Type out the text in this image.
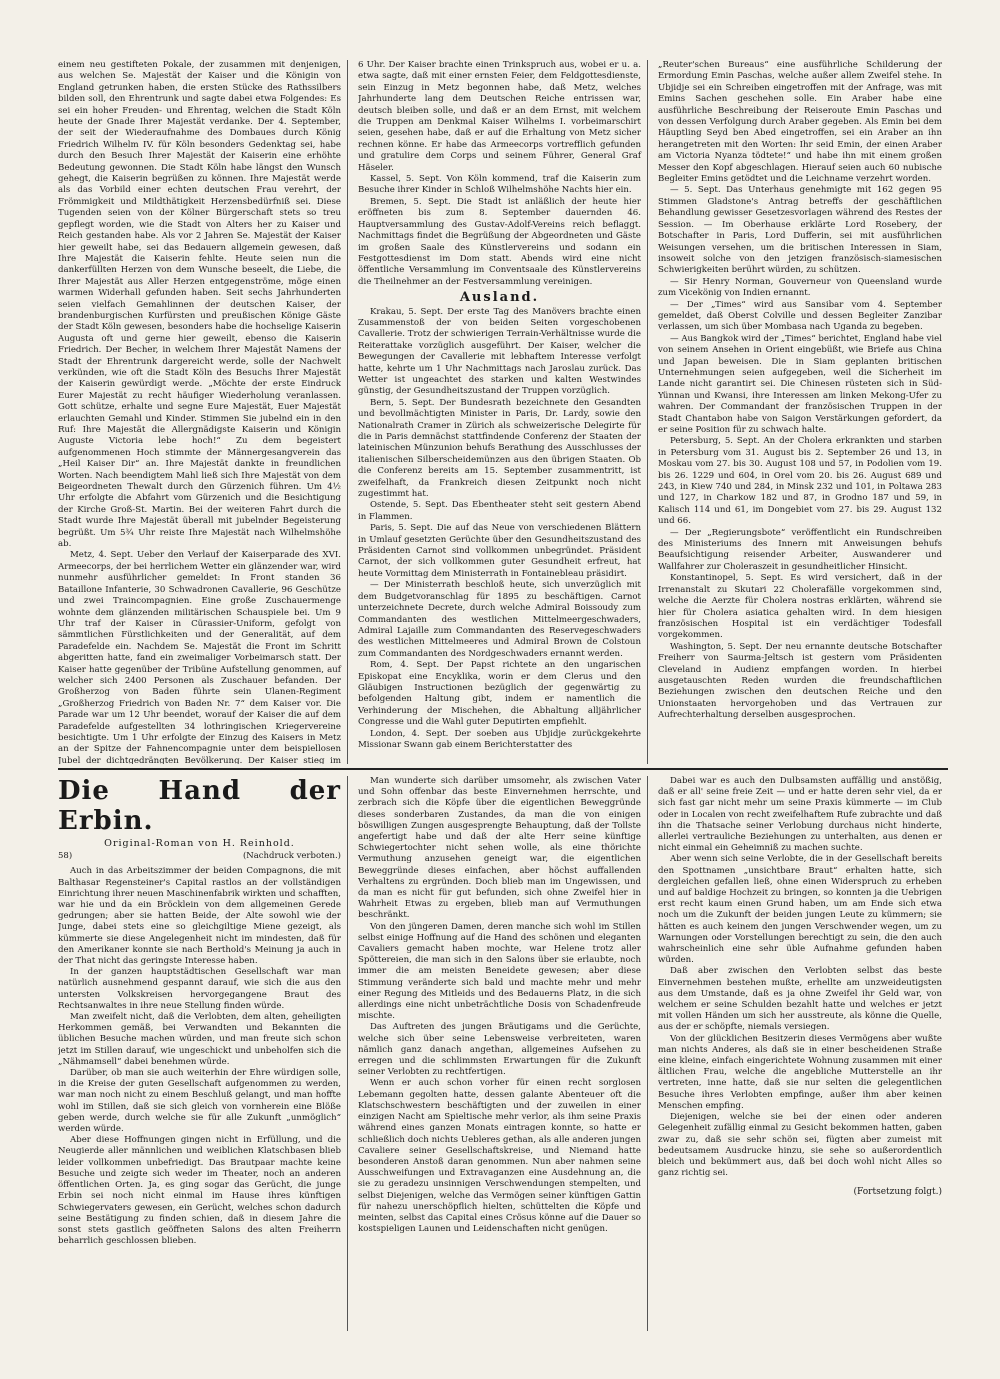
einem neu gestifteten Pokale, der zusammen mit denjenigen, aus welchen Se. Majestät der Kaiser und die Königin von England getrunken haben, die ersten Stücke des Rathssilbers bilden soll, den Ehrentrunk und sagte dabei etwa Folgendes: Es sei ein hoher Freuden- und Ehrentag, welchen die Stadt Köln heute der Gnade Ihrer Majestät verdanke. Der 4. September, der seit der Wiederaufnahme des Dombaues durch König Friedrich Wilhelm IV. für Köln besonders Gedenktag sei, habe durch den Besuch Ihrer Majestät der Kaiserin eine erhöhte Bedeutung gewonnen. Die Stadt Köln habe längst den Wunsch gehegt, die Kaiserin begrüßen zu können. Ihre Majestät werde als das Vorbild einer echten deutschen Frau verehrt, der Frömmigkeit und Mildthätigkeit Herzensbedürfniß sei. Diese Tugenden seien von der Kölner Bürgerschaft stets so treu gepflegt worden, wie die Stadt von Alters her zu Kaiser und Reich gestanden habe. Als vor 2 Jahren Se. Majestät der Kaiser hier geweilt habe, sei das Bedauern allgemein gewesen, daß Ihre Majestät die Kaiserin fehlte. Heute seien nun die dankerfüllten Herzen von dem Wunsche beseelt, die Liebe, die Ihrer Majestät aus Aller Herzen entgegenströme, möge einen warmen Widerhall gefunden haben. Seit sechs Jahrhunderten seien vielfach Gemahlinnen der deutschen Kaiser, der brandenburgischen Kurfürsten und preußischen Könige Gäste der Stadt Köln gewesen, besonders habe die hochselige Kaiserin Augusta oft und gerne hier geweilt, ebenso die Kaiserin Friedrich. Der Becher, in welchem Ihrer Majestät Namens der Stadt der Ehrentrunk dargereicht werde, solle der Nachwelt verkünden, wie oft die Stadt Köln des Besuchs Ihrer Majestät der Kaiserin gewürdigt werde. „Möchte der erste Eindruck Eurer Majestät zu recht häufiger Wiederholung veranlassen. Gott schütze, erhalte und segne Eure Majestät, Euer Majestät erlauchten Gemahl und Kinder. Stimmen Sie jubelnd ein in den Ruf: Ihre Majestät die Allergnädigste Kaiserin und Königin Auguste Victoria lebe hoch!“ Zu dem begeistert aufgenommenen Hoch stimmte der Männergesangverein das „Heil Kaiser Dir“ an. Ihre Majestät dankte in freundlichen Worten. Nach beendigtem Mahl ließ sich Ihre Majestät von dem Beigeordneten Thewalt durch den Gürzenich führen. Um 4½ Uhr erfolgte die Abfahrt vom Gürzenich und die Besichtigung der Kirche Groß-St. Martin. Bei der weiteren Fahrt durch die Stadt wurde Ihre Majestät überall mit jubelnder Begeisterung begrüßt. Um 5¾ Uhr reiste Ihre Majestät nach Wilhelmshöhe ab.

Metz, 4. Sept. Ueber den Verlauf der Kaiserparade des XVI. Armeecorps, der bei herrlichem Wetter ein glänzender war, wird nunmehr ausführlicher gemeldet: In Front standen 36 Bataillone Infanterie, 30 Schwadronen Cavallerie, 96 Geschütze und zwei Traincompagnien. Eine große Zuschauermenge wohnte dem glänzenden militärischen Schauspiele bei. Um 9 Uhr traf der Kaiser in Cürassier-Uniform, gefolgt von sämmtlichen Fürstlichkeiten und der Generalität, auf dem Paradefelde ein. Nachdem Se. Majestät die Front im Schritt abgeritten hatte, fand ein zweimaliger Vorbeimarsch statt. Der Kaiser hatte gegenüber der Tribüne Aufstellung genommen, auf welcher sich 2400 Personen als Zuschauer befanden. Der Großherzog von Baden führte sein Ulanen-Regiment „Großherzog Friedrich von Baden Nr. 7“ dem Kaiser vor. Die Parade war um 12 Uhr beendet, worauf der Kaiser die auf dem Paradefelde aufgestellten 34 lothringischen Kriegervereine besichtigte. Um 1 Uhr erfolgte der Einzug des Kaisers in Metz an der Spitze der Fahnencompagnie unter dem beispiellosen Jubel der dichtgedrängten Bevölkerung. Der Kaiser stieg im

6 Uhr. Der Kaiser brachte einen Trinkspruch aus, wobei er u. a. etwa sagte, daß mit einer ernsten Feier, dem Feldgottesdienste, sein Einzug in Metz begonnen habe, daß Metz, welches Jahrhunderte lang dem Deutschen Reiche entrissen war, deutsch bleiben solle, und daß er an dem Ernst, mit welchem die Truppen am Denkmal Kaiser Wilhelms I. vorbeimarschirt seien, gesehen habe, daß er auf die Erhaltung von Metz sicher rechnen könne. Er habe das Armeecorps vortrefflich gefunden und gratulire dem Corps und seinem Führer, General Graf Häseler.

Kassel, 5. Sept. Von Köln kommend, traf die Kaiserin zum Besuche ihrer Kinder in Schloß Wilhelmshöhe Nachts hier ein.

Bremen, 5. Sept. Die Stadt ist anläßlich der heute hier eröffneten bis zum 8. September dauernden 46. Hauptversammlung des Gustav-Adolf-Vereins reich beflaggt. Nachmittags findet die Begrüßung der Abgeordneten und Gäste im großen Saale des Künstlervereins und sodann ein Festgottesdienst im Dom statt. Abends wird eine nicht öffentliche Versammlung im Conventsaale des Künstlervereins die Theilnehmer an der Festversammlung vereinigen.

Ausland.

Krakau, 5. Sept. Der erste Tag des Manövers brachte einen Zusammenstoß der von beiden Seiten vorgeschobenen Cavallerie. Trotz der schwierigen Terrain-Verhältnisse wurde die Reiterattake vorzüglich ausgeführt. Der Kaiser, welcher die Bewegungen der Cavallerie mit lebhaftem Interesse verfolgt hatte, kehrte um 1 Uhr Nachmittags nach Jaroslau zurück. Das Wetter ist ungeachtet des starken und kalten Westwindes günstig, der Gesundheitszustand der Truppen vorzüglich.

Bern, 5. Sept. Der Bundesrath bezeichnete den Gesandten und bevollmächtigten Minister in Paris, Dr. Lardy, sowie den Nationalrath Cramer in Zürich als schweizerische Delegirte für die in Paris demnächst stattfindende Conferenz der Staaten der lateinischen Münzunion behufs Berathung des Ausschlusses der italienischen Silberscheidemünzen aus den übrigen Staaten. Ob die Conferenz bereits am 15. September zusammentritt, ist zweifelhaft, da Frankreich diesen Zeitpunkt noch nicht zugestimmt hat.

Ostende, 5. Sept. Das Ebentheater steht seit gestern Abend in Flammen.

Paris, 5. Sept. Die auf das Neue von verschiedenen Blättern in Umlauf gesetzten Gerüchte über den Gesundheitszustand des Präsidenten Carnot sind vollkommen unbegründet. Präsident Carnot, der sich vollkommen guter Gesundheit erfreut, hat heute Vormittag dem Ministerrath in Fontainebleau präsidirt.

— Der Ministerrath beschloß heute, sich unverzüglich mit dem Budgetvoranschlag für 1895 zu beschäftigen. Carnot unterzeichnete Decrete, durch welche Admiral Boissoudy zum Commandanten des westlichen Mittelmeergeschwaders, Admiral Lajaille zum Commandanten des Reservegeschwaders des westlichen Mittelmeeres und Admiral Brown de Colstoun zum Commandanten des Nordgeschwaders ernannt werden.

Rom, 4. Sept. Der Papst richtete an den ungarischen Episkopat eine Encyklika, worin er dem Clerus und den Gläubigen Instructionen bezüglich der gegenwärtig zu befolgenden Haltung gibt, indem er namentlich die Verhinderung der Mischehen, die Abhaltung alljährlicher Congresse und die Wahl guter Deputirten empfiehlt.

London, 4. Sept. Der soeben aus Ubjidje zurückgekehrte Missionar Swann gab einem Berichterstatter des

„Reuter'schen Bureaus“ eine ausführliche Schilderung der Ermordung Emin Paschas, welche außer allem Zweifel stehe. In Ubjidje sei ein Schreiben eingetroffen mit der Anfrage, was mit Emins Sachen geschehen solle. Ein Araber habe eine ausführliche Beschreibung der Reiseroute Emin Paschas und von dessen Verfolgung durch Araber gegeben. Als Emin bei dem Häuptling Seyd ben Abed eingetroffen, sei ein Araber an ihn herangetreten mit den Worten: Ihr seid Emin, der einen Araber am Victoria Nyanza tödtete!“ und habe ihn mit einem großen Messer den Kopf abgeschlagen. Hierauf seien auch 60 nubische Begleiter Emins getödtet und die Leichname verzehrt worden.

— 5. Sept. Das Unterhaus genehmigte mit 162 gegen 95 Stimmen Gladstone's Antrag betreffs der geschäftlichen Behandlung gewisser Gesetzesvorlagen während des Restes der Session. — Im Oberhause erklärte Lord Rosebery, der Botschafter in Paris, Lord Dufferin, sei mit ausführlichen Weisungen versehen, um die britischen Interessen in Siam, insoweit solche von den jetzigen französisch-siamesischen Schwierigkeiten berührt würden, zu schützen.

— Sir Henry Norman, Gouverneur von Queensland wurde zum Vicekönig von Indien ernannt.

— Der „Times“ wird aus Sansibar vom 4. September gemeldet, daß Oberst Colville und dessen Begleiter Zanzibar verlassen, um sich über Mombasa nach Uganda zu begeben.

— Aus Bangkok wird der „Times“ berichtet, England habe viel von seinem Ansehen in Orient eingebüßt, wie Briefe aus China und Japan beweisen. Die in Siam geplanten britischen Unternehmungen seien aufgegeben, weil die Sicherheit im Lande nicht garantirt sei. Die Chinesen rüsteten sich in Süd-Yünnan und Kwansi, ihre Interessen am linken Mekong-Ufer zu wahren. Der Commandant der französischen Truppen in der Stadt Chantabon habe von Saigon Verstärkungen gefordert, da er seine Position für zu schwach halte.

Petersburg, 5. Sept. An der Cholera erkrankten und starben in Petersburg vom 31. August bis 2. September 26 und 13, in Moskau vom 27. bis 30. August 108 und 57, in Podolien vom 19. bis 26. 1229 und 604, in Orel vom 20. bis 26. August 689 und 243, in Kiew 740 und 284, in Minsk 232 und 101, in Poltawa 283 und 127, in Charkow 182 und 87, in Grodno 187 und 59, in Kalisch 114 und 61, im Dongebiet vom 27. bis 29. August 132 und 66.

— Der „Regierungsbote“ veröffentlicht ein Rundschreiben des Ministeriums des Innern mit Anweisungen behufs Beaufsichtigung reisender Arbeiter, Auswanderer und Wallfahrer zur Choleraszeit in gesundheitlicher Hinsicht.

Konstantinopel, 5. Sept. Es wird versichert, daß in der Irrenanstalt zu Skutari 22 Cholerafälle vorgekommen sind, welche die Aerzte für Cholera nostras erklärten, während sie hier für Cholera asiatica gehalten wird. In dem hiesigen französischen Hospital ist ein verdächtiger Todesfall vorgekommen.

Washington, 5. Sept. Der neu ernannte deutsche Botschafter Freiherr von Saurma-Jeltsch ist gestern vom Präsidenten Cleveland in Audienz empfangen worden. In hierbei ausgetauschten Reden wurden die freundschaftlichen Beziehungen zwischen den deutschen Reiche und den Unionstaaten hervorgehoben und das Vertrauen zur Aufrechterhaltung derselben ausgesprochen.

Die Hand der Erbin.
Original-Roman von H. Reinhold.
58)	(Nachdruck verboten.)

Auch in das Arbeitszimmer der beiden Compagnons, die mit Balthasar Regensteiner's Capital rastlos an der vollständigen Einrichtung ihrer neuen Maschinenfabrik wirkten und schafften, war hie und da ein Bröcklein von dem allgemeinen Gerede gedrungen; aber sie hatten Beide, der Alte sowohl wie der Junge, dabei stets eine so gleichgiltige Miene gezeigt, als kümmerte sie diese Angelegenheit nicht im mindesten, daß für den Amerikaner konnte sie nach Berthold's Meinung ja auch in der That nicht das geringste Interesse haben.

In der ganzen hauptstädtischen Gesellschaft war man natürlich ausnehmend gespannt darauf, wie sich die aus den untersten Volkskreisen hervorgegangene Braut des Rechtsanwaltes in ihre neue Stellung finden würde.

Man zweifelt nicht, daß die Verlobten, dem alten, geheiligten Herkommen gemäß, bei Verwandten und Bekannten die üblichen Besuche machen würden, und man freute sich schon jetzt im Stillen darauf, wie ungeschickt und unbeholfen sich die „Nähmamsell“ dabei benehmen würde.

Darüber, ob man sie auch weiterhin der Ehre würdigen solle, in die Kreise der guten Gesellschaft aufgenommen zu werden, war man noch nicht zu einem Beschluß gelangt, und man hoffte wohl im Stillen, daß sie sich gleich von vornherein eine Blöße geben werde, durch welche sie für alle Zukunft „unmöglich“ werden würde.

Aber diese Hoffnungen gingen nicht in Erfüllung, und die Neugierde aller männlichen und weiblichen Klatschbasen blieb leider vollkommen unbefriedigt. Das Brautpaar machte keine Besuche und zeigte sich weder im Theater, noch an anderen öffentlichen Orten. Ja, es ging sogar das Gerücht, die junge Erbin sei noch nicht einmal im Hause ihres künftigen Schwiegervaters gewesen, ein Gerücht, welches schon dadurch seine Bestätigung zu finden schien, daß in diesem Jahre die sonst stets gastlich geöffneten Salons des alten Freiherrn beharrlich geschlossen blieben.

Man wunderte sich darüber umsomehr, als zwischen Vater und Sohn offenbar das beste Einvernehmen herrschte, und zerbrach sich die Köpfe über die eigentlichen Beweggründe dieses sonderbaren Zustandes, da man die von einigen böswilligen Zungen ausgesprengte Behauptung, daß der Tollste angefertigt habe und daß der alte Herr seine künftige Schwiegertochter nicht sehen wolle, als eine thörichte Vermuthung anzusehen geneigt war, die eigentlichen Beweggründe dieses einfachen, aber höchst auffallenden Verhaltens zu ergründen. Doch blieb man im Ungewissen, und da man es nicht für gut befunden, sich ohne Zweifel hier in Wahrheit Etwas zu ergeben, blieb man auf Vermuthungen beschränkt.

Von den jüngeren Damen, deren manche sich wohl im Stillen selbst einige Hoffnung auf die Hand des schönen und eleganten Cavaliers gemacht haben mochte, war Helene trotz aller Spöttereien, die man sich in den Salons über sie erlaubte, noch immer die am meisten Beneidete gewesen; aber diese Stimmung veränderte sich bald und machte mehr und mehr einer Regung des Mitleids und des Bedauerns Platz, in die sich allerdings eine nicht unbeträchtliche Dosis von Schadenfreude mischte.

Das Auftreten des jungen Bräutigams und die Gerüchte, welche sich über seine Lebensweise verbreiteten, waren nämlich ganz danach angethan, allgemeines Aufsehen zu erregen und die schlimmsten Erwartungen für die Zukunft seiner Verlobten zu rechtfertigen.

Wenn er auch schon vorher für einen recht sorglosen Lebemann gegolten hatte, dessen galante Abenteuer oft die Klatschschwestern beschäftigten und der zuweilen in einer einzigen Nacht am Spieltische mehr verlor, als ihm seine Praxis während eines ganzen Monats eintragen konnte, so hatte er schließlich doch nichts Uebleres gethan, als alle anderen jungen Cavaliere seiner Gesellschaftskreise, und Niemand hatte besonderen Anstoß daran genommen. Nun aber nahmen seine Ausschweifungen und Extravaganzen eine Ausdehnung an, die sie zu geradezu unsinnigen Verschwendungen stempelten, und selbst Diejenigen, welche das Vermögen seiner künftigen Gattin für nahezu unerschöpflich hielten, schüttelten die Köpfe und meinten, selbst das Capital eines Crösus könne auf die Dauer so kostspieligen Launen und Leidenschaften nicht genügen.

Dabei war es auch den Dulbsamsten auffällig und anstößig, daß er all' seine freie Zeit — und er hatte deren sehr viel, da er sich fast gar nicht mehr um seine Praxis kümmerte — im Club oder in Localen von recht zweifelhaftem Rufe zubrachte und daß ihn die Thatsache seiner Verlobung durchaus nicht hinderte, allerlei vertrauliche Beziehungen zu unterhalten, aus denen er nicht einmal ein Geheimniß zu machen suchte.

Aber wenn sich seine Verlobte, die in der Gesellschaft bereits den Spottnamen „unsichtbare Braut“ erhalten hatte, sich dergleichen gefallen ließ, ohne einen Widerspruch zu erheben und auf baldige Hochzeit zu bringen, so konnten ja die Uebrigen erst recht kaum einen Grund haben, um am Ende sich etwa noch um die Zukunft der beiden jungen Leute zu kümmern; sie hätten es auch keinem den jungen Verschwender wegen, um zu Warnungen oder Vorstellungen berechtigt zu sein, die den auch wahrscheinlich eine sehr üble Aufnahme gefunden haben würden.

Daß aber zwischen den Verlobten selbst das beste Einvernehmen bestehen mußte, erhellte am unzweideutigsten aus dem Umstande, daß es ja ohne Zweifel ihr Geld war, von welchem er seine Schulden bezahlt hatte und welches er jetzt mit vollen Händen um sich her ausstreute, als könne die Quelle, aus der er schöpfte, niemals versiegen.

Von der glücklichen Besitzerin dieses Vermögens aber wußte man nichts Anderes, als daß sie in einer bescheidenen Straße eine kleine, einfach eingerichtete Wohnung zusammen mit einer ältlichen Frau, welche die angebliche Mutterstelle an ihr vertreten, inne hatte, daß sie nur selten die gelegentlichen Besuche ihres Verlobten empfinge, außer ihm aber keinen Menschen empfing.

Diejenigen, welche sie bei der einen oder anderen Gelegenheit zufällig einmal zu Gesicht bekommen hatten, gaben zwar zu, daß sie sehr schön sei, fügten aber zumeist mit bedeutsamem Ausdrucke hinzu, sie sehe so außerordentlich bleich und bekümmert aus, daß bei doch wohl nicht Alles so ganz richtig sei.

(Fortsetzung folgt.)
